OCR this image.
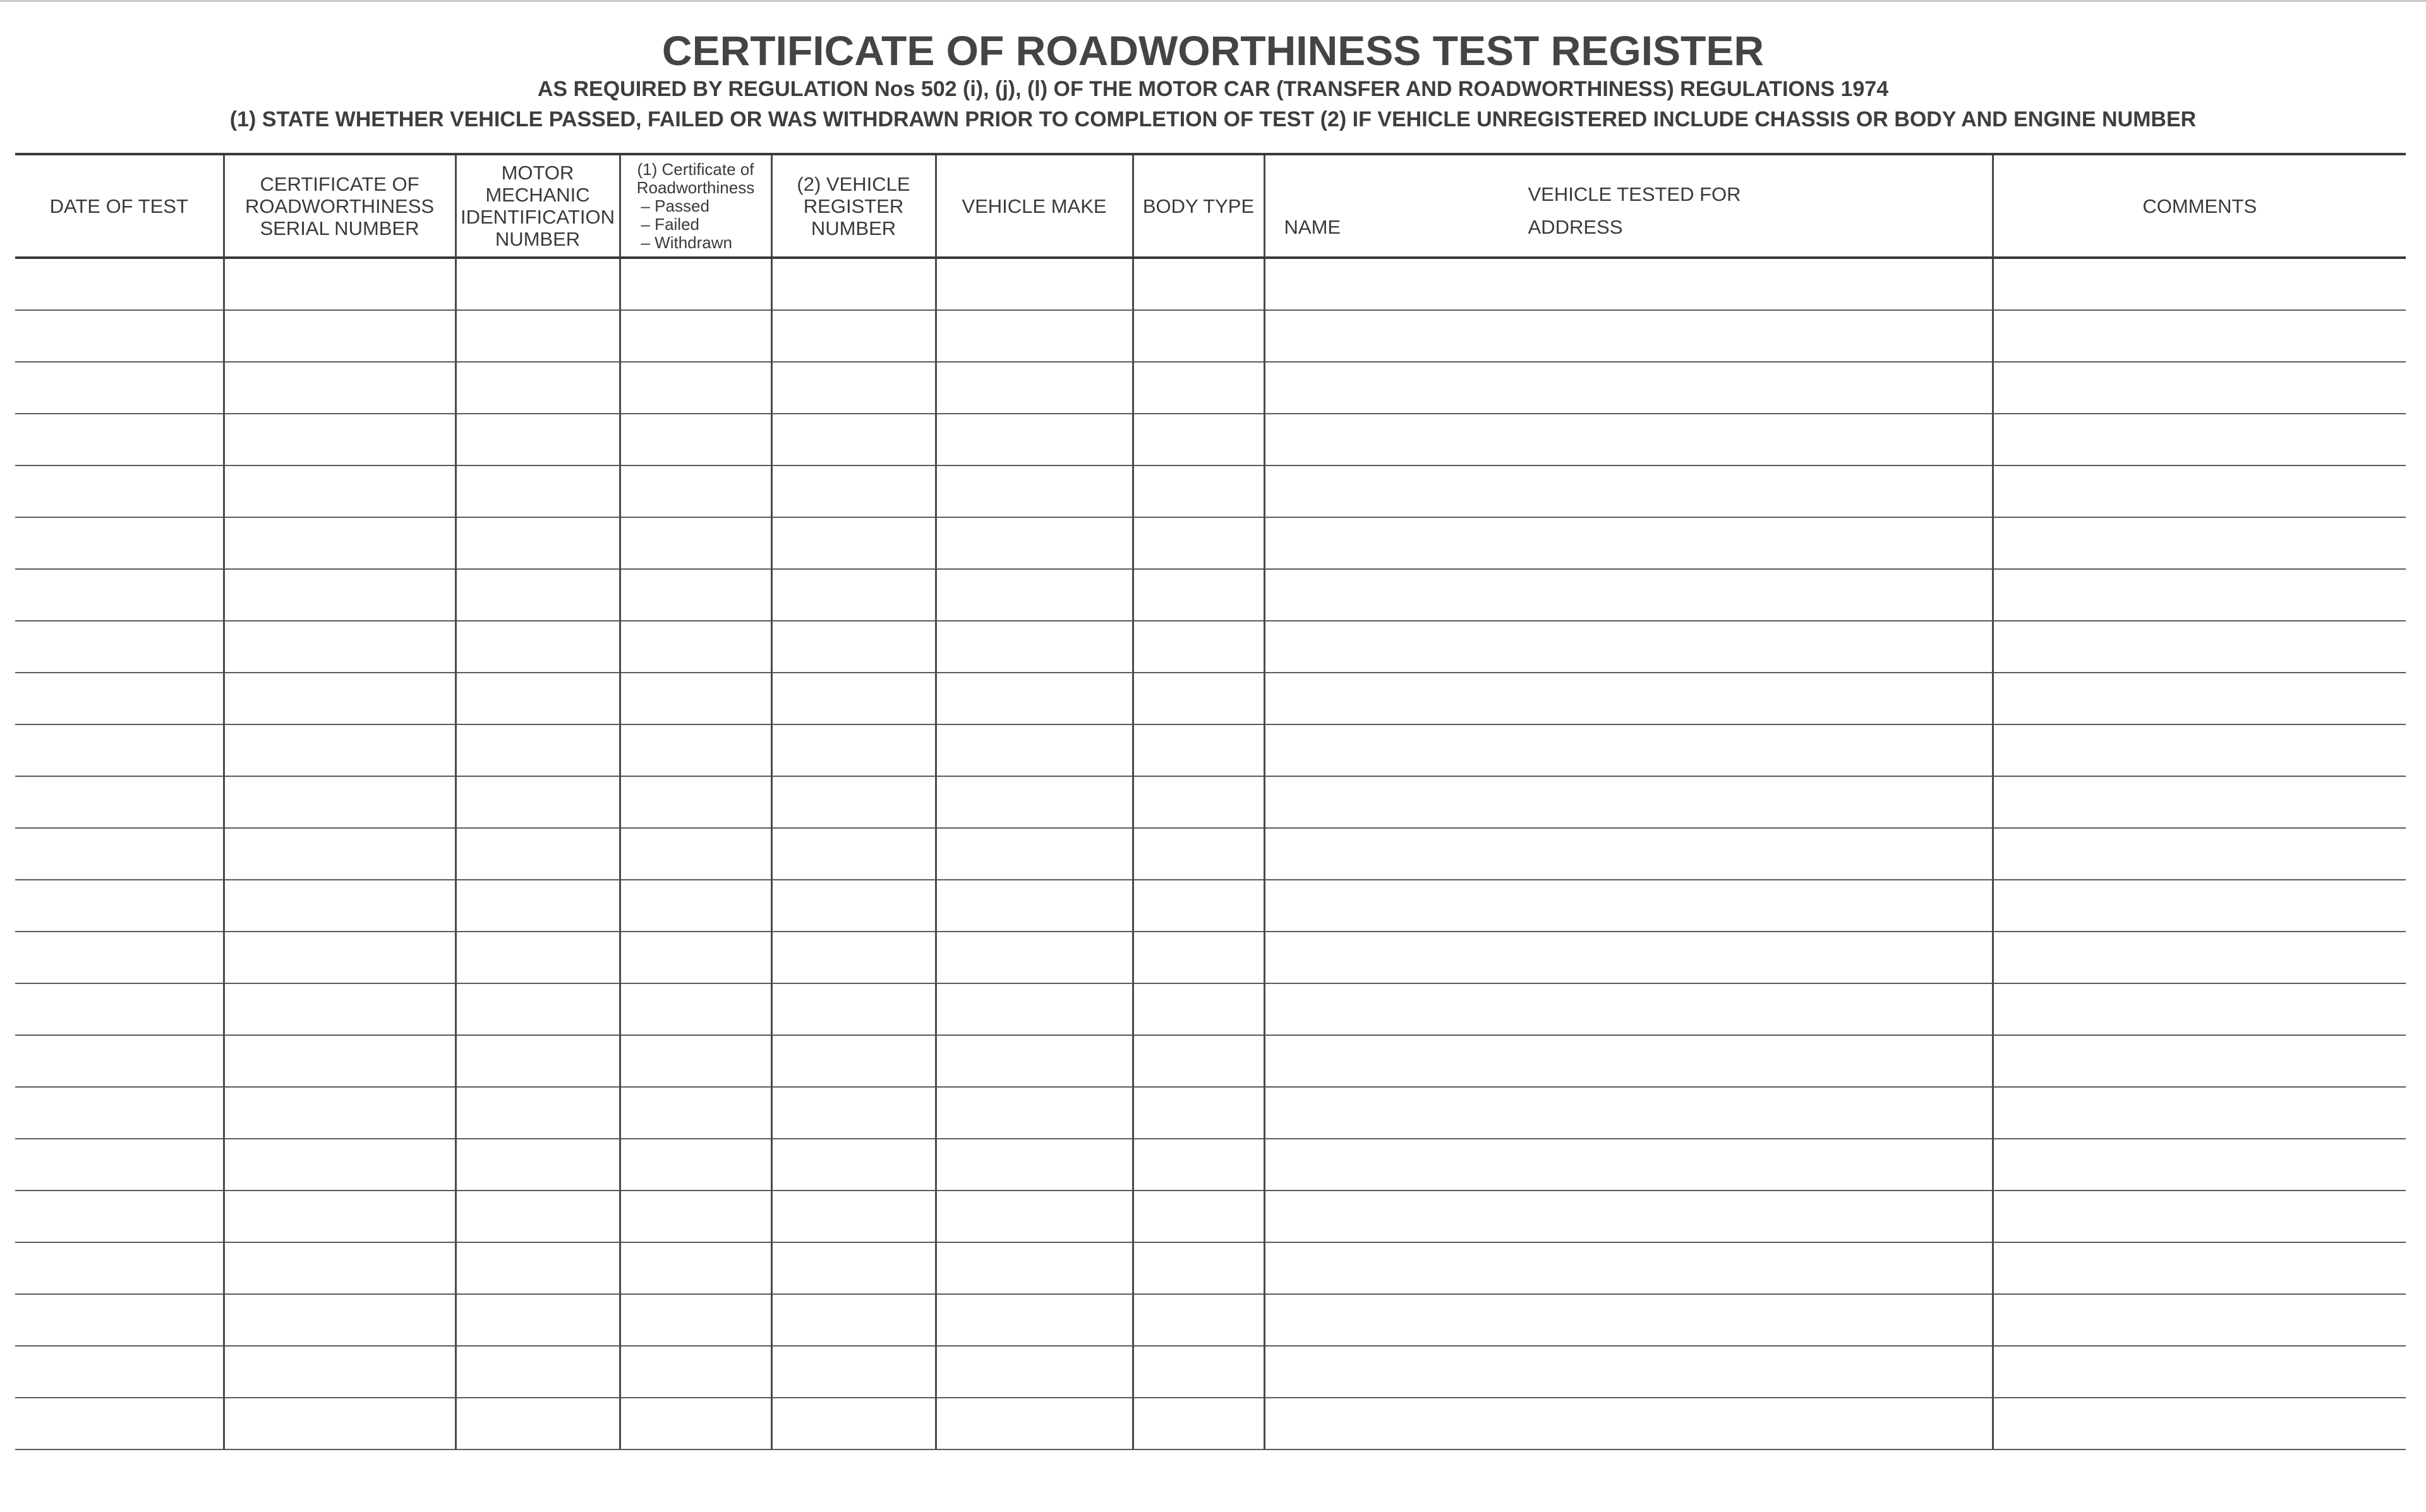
CERTIFICATE OF ROADWORTHINESS TEST REGISTER
AS REQUIRED BY REGULATION Nos 502 (i), (j), (l) OF THE MOTOR CAR (TRANSFER AND ROADWORTHINESS) REGULATIONS 1974
(1) STATE WHETHER VEHICLE PASSED, FAILED OR WAS WITHDRAWN PRIOR TO COMPLETION OF TEST (2) IF VEHICLE UNREGISTERED INCLUDE CHASSIS OR BODY AND ENGINE NUMBER
DATE OF TEST	CERTIFICATE OF
ROADWORTHINESS
SERIAL NUMBER	MOTOR
MECHANIC
IDENTIFICATION
NUMBER	(1) Certificate of
Roadworthiness
– Passed
– Failed
– Withdrawn	(2) VEHICLE
REGISTER
NUMBER	VEHICLE MAKE	BODY TYPE	VEHICLE TESTED FOR
NAME ADDRESS	COMMENTS
